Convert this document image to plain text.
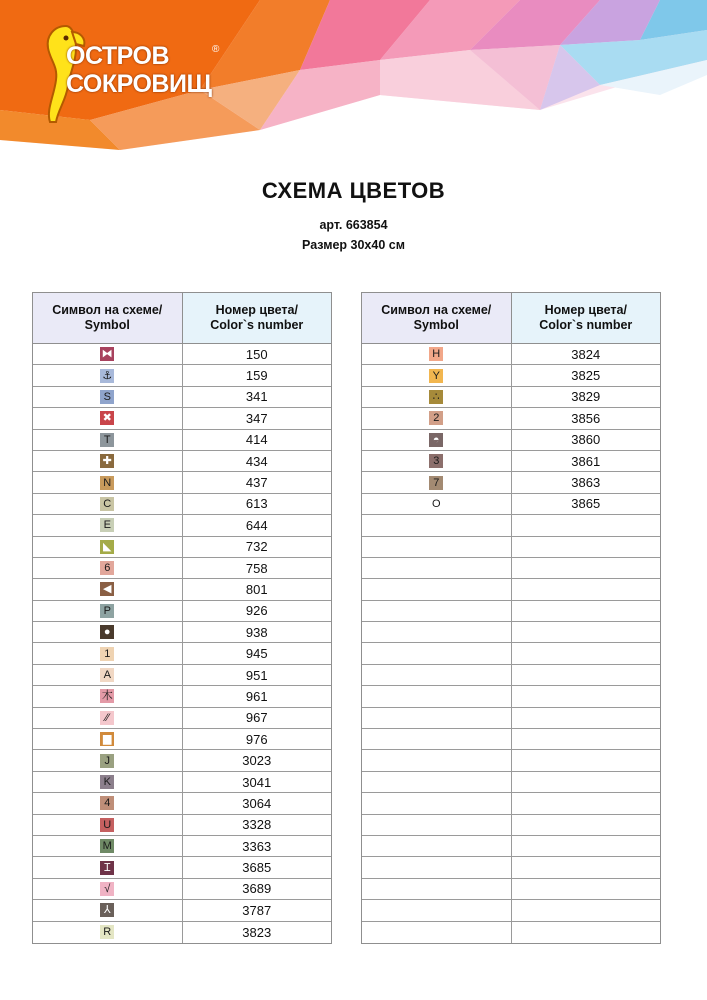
ОСТРОВ
СОКРОВИЩ
®
СХЕМА ЦВЕТОВ
арт. 663854
Размер 30х40 см
Символ на схеме/
Symbol
Номер цвета/
Color`s number
⧓	150
⚓	159
S	341
✖	347
T	414
✚	434
N	437
C	613
E	644
◣	732
6	758
◀	801
P	926
●	938
1	945
A	951
木	961
⁄⁄	967
▆	976
J	3023
K	3041
4	3064
U	3328
M	3363
Ɪ	3685
√	3689
⅄	3787
R	3823
Символ на схеме/
Symbol
Номер цвета/
Color`s number
H	3824
Y	3825
∴	3829
2	3856
◓	3860
3	3861
7	3863
O	3865
